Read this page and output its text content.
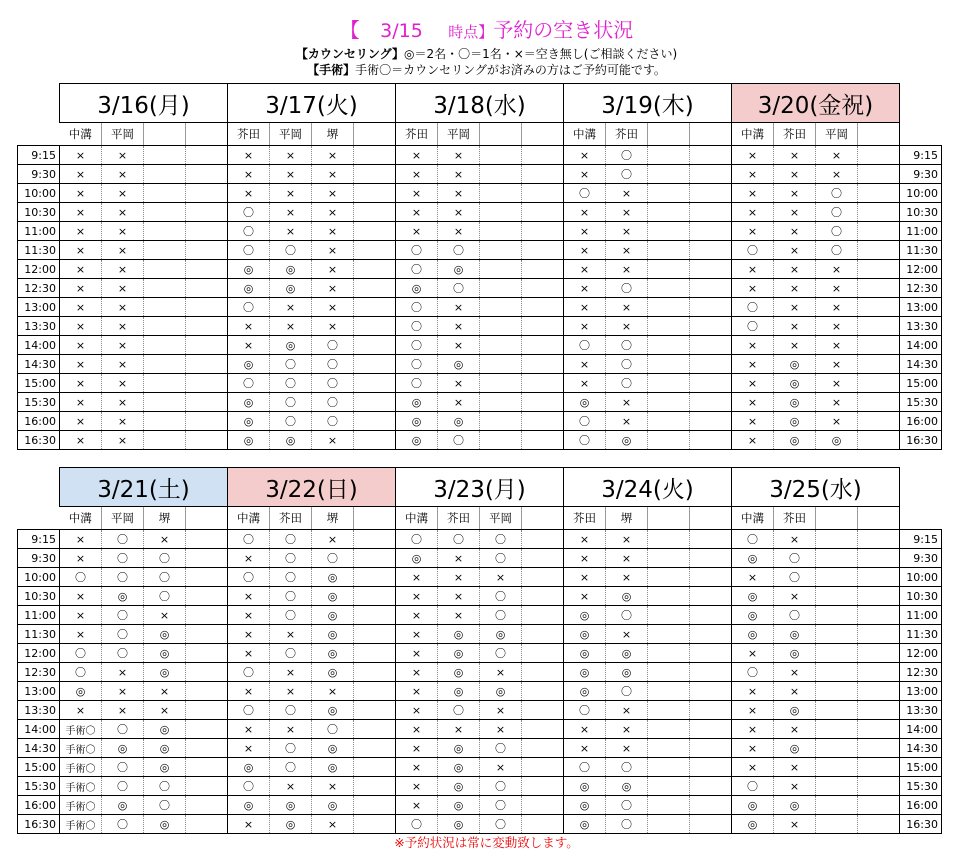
【 3/15 時点】予約の空き状況
【カウンセリング】◎＝2名・〇＝1名・×＝空き無し(ご相談ください)
【手術】手術〇＝カウンセリングがお済みの方はご予約可能です。
	3/16(月)				3/17(火)				3/18(水)				3/19(木)				3/20(金祝)				
	中溝	平岡			芥田	平岡	堺		芥田	平岡			中溝	芥田			中溝	芥田	平岡		
9:15	×	×			×	×	×		×	×			×	〇			×	×	×		9:15
9:30	×	×			×	×	×		×	×			×	〇			×	×	×		9:30
10:00	×	×			×	×	×		×	×			〇	×			×	×	〇		10:00
10:30	×	×			〇	×	×		×	×			×	×			×	×	〇		10:30
11:00	×	×			〇	×	×		×	×			×	×			×	×	〇		11:00
11:30	×	×			〇	〇	×		〇	〇			×	×			〇	×	〇		11:30
12:00	×	×			◎	◎	×		〇	◎			×	×			×	×	×		12:00
12:30	×	×			◎	◎	×		◎	〇			×	〇			×	×	×		12:30
13:00	×	×			〇	×	×		〇	×			×	×			〇	×	×		13:00
13:30	×	×			×	×	×		〇	×			×	×			〇	×	×		13:30
14:00	×	×			×	◎	〇		〇	×			〇	〇			×	×	×		14:00
14:30	×	×			◎	〇	〇		〇	◎			×	〇			×	◎	×		14:30
15:00	×	×			〇	〇	〇		〇	×			×	〇			×	◎	×		15:00
15:30	×	×			◎	〇	〇		◎	×			◎	×			×	◎	×		15:30
16:00	×	×			◎	〇	〇		◎	◎			〇	×			×	◎	×		16:00
16:30	×	×			◎	◎	×		◎	〇			〇	◎			×	◎	◎		16:30
	3/21(土)				3/22(日)				3/23(月)				3/24(火)				3/25(水)				
	中溝	平岡	堺		中溝	芥田	堺		中溝	芥田	平岡		芥田	堺			中溝	芥田			
9:15	×	〇	×		〇	〇	×		〇	〇	〇		×	×			〇	×			9:15
9:30	×	〇	〇		×	〇	〇		◎	×	〇		×	×			◎	〇			9:30
10:00	〇	〇	〇		〇	〇	◎		×	×	×		×	×			×	〇			10:00
10:30	×	◎	〇		×	〇	◎		×	×	〇		×	◎			◎	×			10:30
11:00	×	〇	×		×	〇	◎		×	×	〇		◎	〇			◎	〇			11:00
11:30	×	〇	◎		×	×	◎		×	◎	◎		◎	×			◎	◎			11:30
12:00	〇	〇	◎		×	〇	◎		×	◎	〇		◎	◎			×	◎			12:00
12:30	〇	×	◎		〇	×	◎		×	◎	×		◎	◎			〇	×			12:30
13:00	◎	×	×		×	×	×		×	◎	◎		◎	〇			×	×			13:00
13:30	×	×	×		〇	〇	◎		×	〇	×		〇	×			×	◎			13:30
14:00	手術〇	〇	◎		×	×	〇		×	×	×		×	×			×	×			14:00
14:30	手術〇	◎	◎		×	〇	◎		×	◎	〇		×	×			×	◎			14:30
15:00	手術〇	〇	◎		◎	〇	◎		×	◎	×		〇	〇			×	×			15:00
15:30	手術〇	〇	〇		〇	×	×		×	◎	〇		◎	◎			〇	×			15:30
16:00	手術〇	◎	〇		◎	◎	◎		×	◎	〇		◎	〇			◎	◎			16:00
16:30	手術〇	〇	◎		×	◎	×		〇	◎	〇		◎	〇			◎	×			16:30
※予約状況は常に変動致します。
